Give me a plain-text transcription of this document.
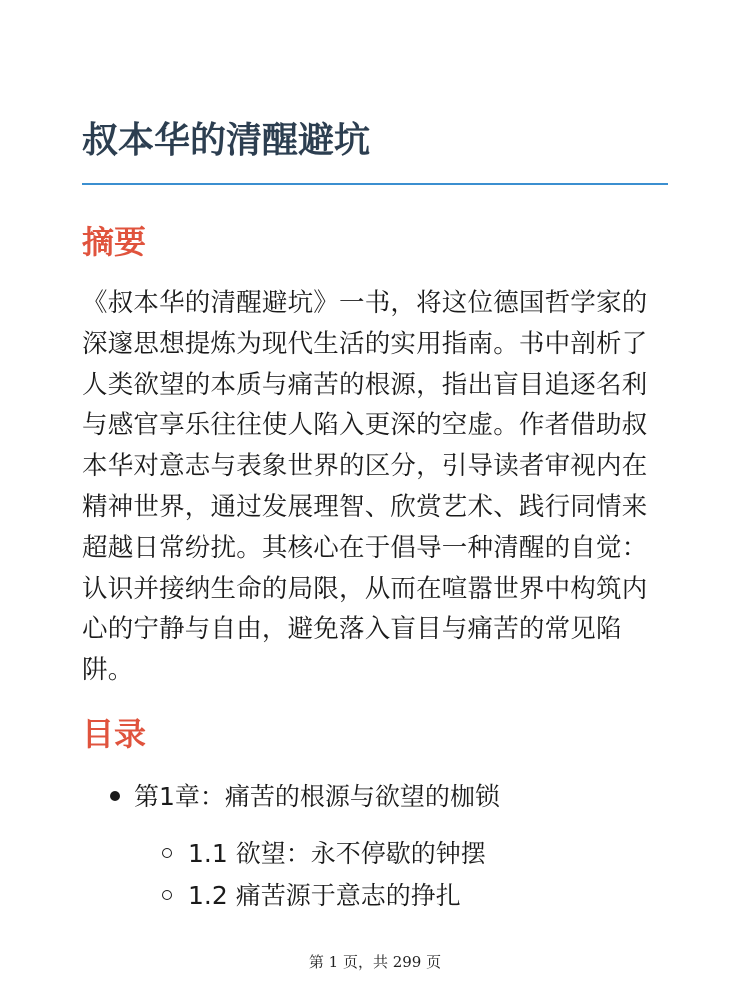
叔本华的清醒避坑
摘要

《叔本华的清醒避坑》一书，将这位德国哲学家的深邃思想提炼为现代生活的实用指南。书中剖析了人类欲望的本质与痛苦的根源，指出盲目追逐名利与感官享乐往往使人陷入更深的空虚。作者借助叔本华对意志与表象世界的区分，引导读者审视内在精神世界，通过发展理智、欣赏艺术、践行同情来超越日常纷扰。其核心在于倡导一种清醒的自觉：认识并接纳生命的局限，从而在喧嚣世界中构筑内心的宁静与自由，避免落入盲目与痛苦的常见陷阱。

目录
第1章：痛苦的根源与欲望的枷锁
1.1 欲望：永不停歇的钟摆
1.2 痛苦源于意志的挣扎
第 1 页，共 299 页
